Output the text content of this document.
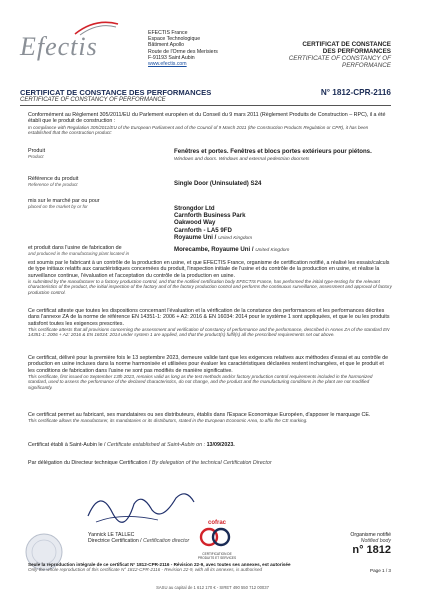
Efectis	EFECTIS France
Espace Technologique
Bâtiment Apollo
Route de l'Orme des Merisiers
F-91193 Saint Aubin
www.efectis.com
CERTIFICAT DE CONSTANCE
DES PERFORMANCES
CERTIFICATE OF CONSTANCY OF
PERFORMANCE
CERTIFICAT DE CONSTANCE DES PERFORMANCES
CERTIFICATE OF CONSTANCY OF PERFORMANCE
N° 1812-CPR-2116
Conformément au Règlement 305/2011/EU du Parlement européen et du Conseil du 9 mars 2011 (Règlement Produits de Construction – RPC), il a été établi que le produit de construction :
In compliance with Regulation 305/2011/EU of the European Parliament and of the Council of 9 March 2011 (the Construction Products Regulation or CPR), it has been established that the construction product:
Produit
Product
Fenêtres et portes. Fenêtres et blocs portes extérieurs pour piétons.
Windows and doors. Windows and external pedestrian doorsets
Référence du produit
Reference of the product	Single Door (Uninsulated) S24
mis sur le marché par ou pour
placed on the market by or for	Strongdor Ltd
Carnforth Business Park
Oakwood Way
Carnforth - LA5 9FD
Royaume Uni / United Kingdom
et produit dans l'usine de fabrication de
and produced in the manufacturing plant located in
Morecambe, Royaume Uni / United Kingdom
est soumis par le fabricant à un contrôle de la production en usine, et que EFECTIS France, organisme de certification notifié, a réalisé les essais/calculs de type initiaux relatifs aux caractéristiques concernées du produit, l'inspection initiale de l'usine et du contrôle de la production en usine, et réalise la surveillance continue, l'évaluation et l'acceptation du contrôle de la production en usine.
is submitted by the manufacturer to a factory production control, and that the notified certification body EFECTIS France, has performed the initial type-testing for the relevant characteristics of the product, the initial inspection of the factory and of the factory production control and performs the continuous surveillance, assessment and approval of factory production control.
Ce certificat atteste que toutes les dispositions concernant l'évaluation et la vérification de la constance des performances et les performances décrites dans l'annexe ZA de la norme de référence EN 14351-1: 2006 + A2: 2016 & EN 16034: 2014 pour le système 1 sont appliquées, et que le ou les produits satisfont toutes les exigences prescrites.
This certificate attests that all provisions concerning the assessment and verification of constancy of performance and the performance, described in Annex ZA of the standard EN 14351-1: 2006 + A2: 2016 & EN 16034: 2014 under system 1 are applied, and that the product(s) fulfil(s) all the prescribed requirements set out above.
Ce certificat, délivré pour la première fois le 13 septembre 2023, demeure valide tant que les exigences relatives aux méthodes d'essai et au contrôle de production en usine incluses dans la norme harmonisée et utilisées pour évaluer les caractéristiques déclarées restent inchangées, et que le produit et les conditions de fabrication dans l'usine ne sont pas modifiés de manière significative.
This certificate, first issued on September 13th 2023, remains valid as long as the test methods and/or factory production control requirements included in the harmonized standard, used to assess the performance of the declared characteristics, do not change, and the product and the manufacturing conditions in the plant are not modified significantly.
Ce certificat permet au fabricant, ses mandataires ou ses distributeurs, établis dans l'Espace Economique Européen, d'apposer le marquage CE.
This certificate allows the manufacturer, its mandataries or its distributors, stated in the European Economic Area, to affix the CE marking.
Certificat établi à Saint-Aubin le / Certificate established at Saint-Aubin on : 13/09/2023.
Par délégation du Directeur technique Certification / By delegation of the technical Certification Director
Yannick LE TALLEC
Directrice Certification / Certification director
cofrac
CERTIFICATION DE PRODUITS ET SERVICES
Organisme notifié
Notified body
n° 1812
Seule la reproduction intégrale de ce certificat N° 1812-CPR-2116 - Révision 22-9, avec toutes ses annexes, est autorisée
Only the whole reproduction of this certificate N° 1812-CPR-2116 - Revision 22-9, with all its annexes, is authorised	Page 1 / 3
SASU au capital de 1 612 170 € - SIRET 490 550 712 00037
